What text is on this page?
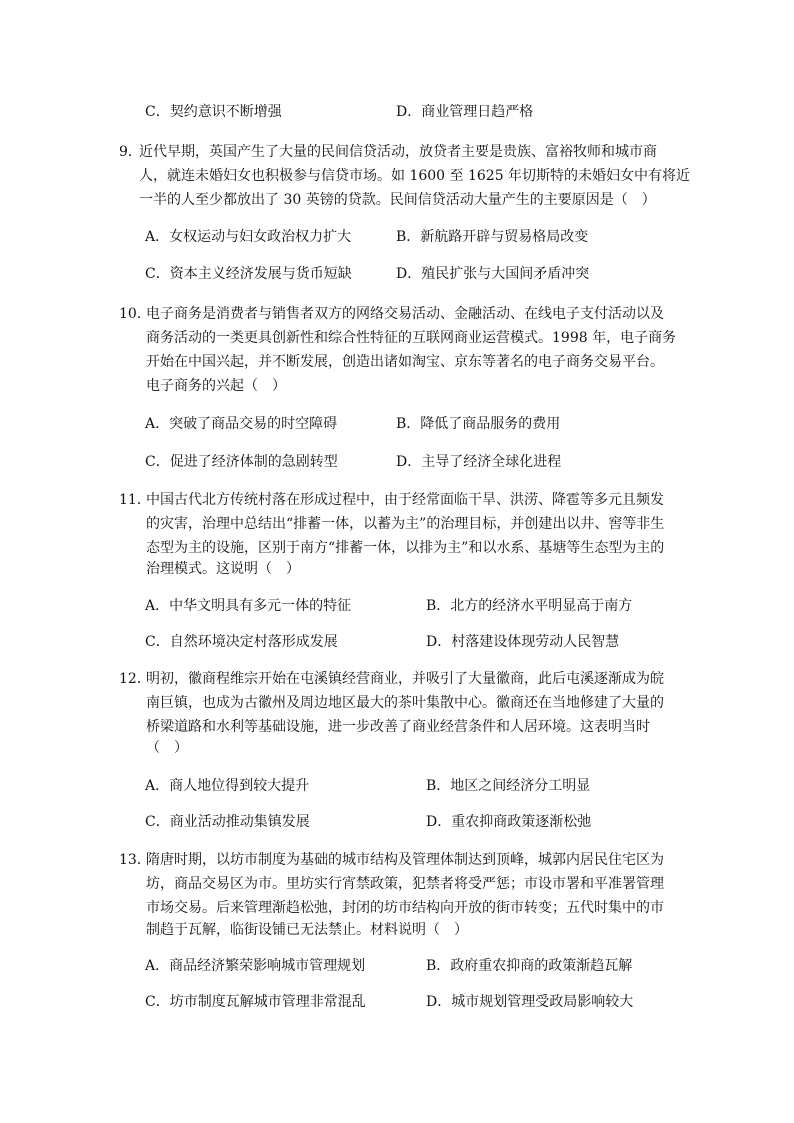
C．契约意识不断增强	D．商业管理日趋严格
9．
近代早期，英国产生了大量的民间信贷活动，放贷者主要是贵族、富裕牧师和城市商
人，就连未婚妇女也积极参与信贷市场。如 1600 至 1625 年切斯特的未婚妇女中有将近
一半的人至少都放出了 30 英镑的贷款。民间信贷活动大量产生的主要原因是（　）
A．女权运动与妇女政治权力扩大	B．新航路开辟与贸易格局改变
C．资本主义经济发展与货币短缺	D．殖民扩张与大国间矛盾冲突
10．
电子商务是消费者与销售者双方的网络交易活动、金融活动、在线电子支付活动以及
商务活动的一类更具创新性和综合性特征的互联网商业运营模式。1998 年，电子商务
开始在中国兴起，并不断发展，创造出诸如淘宝、京东等著名的电子商务交易平台。
电子商务的兴起（　）
A．突破了商品交易的时空障碍	B．降低了商品服务的费用
C．促进了经济体制的急剧转型	D．主导了经济全球化进程
11．
中国古代北方传统村落在形成过程中，由于经常面临干旱、洪涝、降雹等多元且频发
的灾害，治理中总结出“排蓄一体，以蓄为主”的治理目标，并创建出以井、窖等非生
态型为主的设施，区别于南方“排蓄一体，以排为主”和以水系、基塘等生态型为主的
治理模式。这说明（　）
A．中华文明具有多元一体的特征	B．北方的经济水平明显高于南方
C．自然环境决定村落形成发展	D．村落建设体现劳动人民智慧
12．
明初，徽商程维宗开始在屯溪镇经营商业，并吸引了大量徽商，此后屯溪逐渐成为皖
南巨镇，也成为古徽州及周边地区最大的茶叶集散中心。徽商还在当地修建了大量的
桥梁道路和水利等基础设施，进一步改善了商业经营条件和人居环境。这表明当时
（　）
A．商人地位得到较大提升	B．地区之间经济分工明显
C．商业活动推动集镇发展	D．重农抑商政策逐渐松弛
13．
隋唐时期，以坊市制度为基础的城市结构及管理体制达到顶峰，城郭内居民住宅区为
坊，商品交易区为市。里坊实行宵禁政策，犯禁者将受严惩；市设市署和平准署管理
市场交易。后来管理渐趋松弛，封闭的坊市结构向开放的街市转变；五代时集中的市
制趋于瓦解，临街设铺已无法禁止。材料说明（　）
A．商品经济繁荣影响城市管理规划	B．政府重农抑商的政策渐趋瓦解
C．坊市制度瓦解城市管理非常混乱	D．城市规划管理受政局影响较大
